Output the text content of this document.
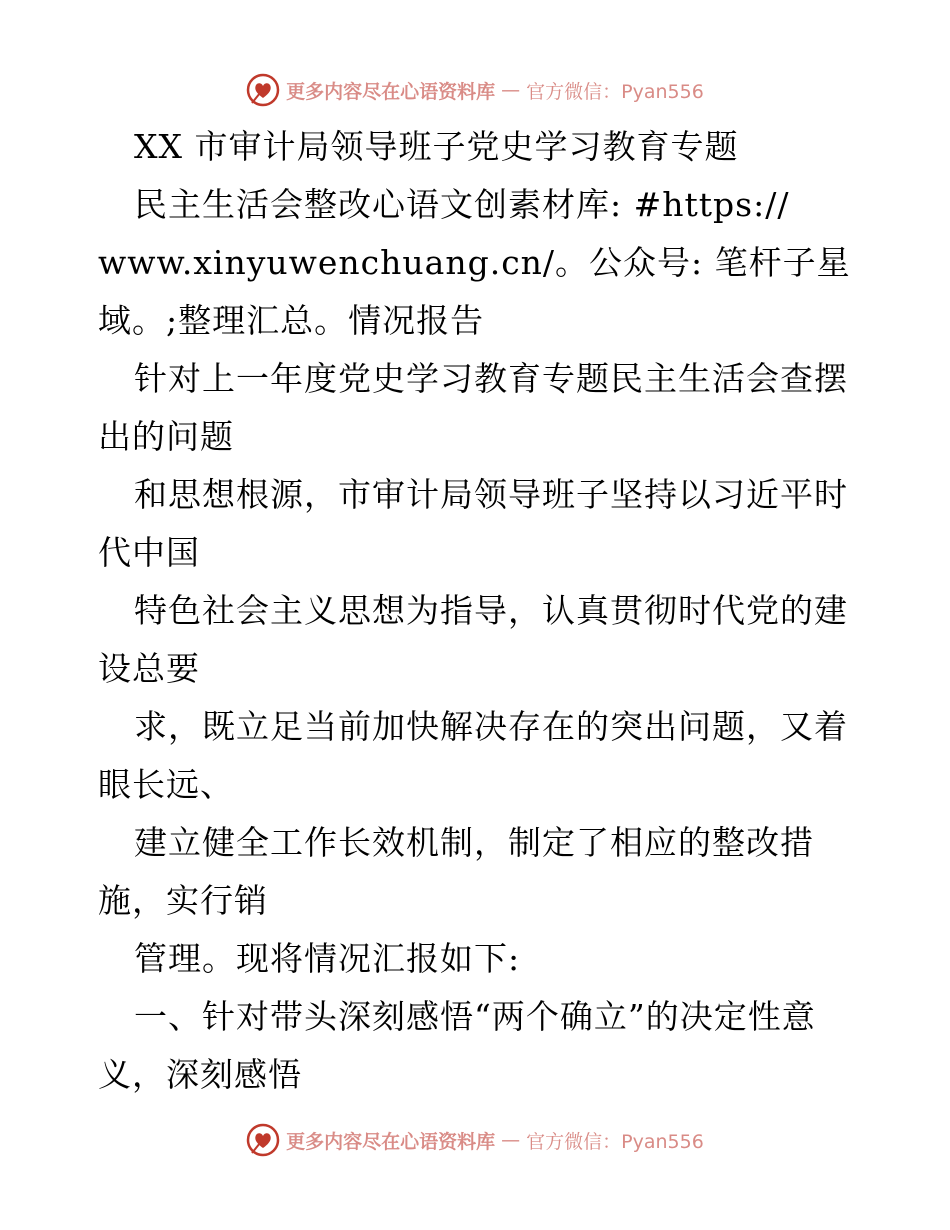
更多内容尽在心语资料库 — 官方微信：Pyan556
XX 市审计局领导班子党史学习教育专题
民主生活会整改心语文创素材库: #https://
www.xinyuwenchuang.cn/。公众号: 笔杆子星
域。;整理汇总。情况报告
针对上一年度党史学习教育专题民主生活会查摆
出的问题
和思想根源，市审计局领导班子坚持以习近平时
代中国
特色社会主义思想为指导，认真贯彻时代党的建
设总要
求，既立足当前加快解决存在的突出问题，又着
眼长远、
建立健全工作长效机制，制定了相应的整改措
施，实行销
管理。现将情况汇报如下:
一、针对带头深刻感悟“两个确立”的决定性意
义，深刻感悟
更多内容尽在心语资料库 — 官方微信：Pyan556
